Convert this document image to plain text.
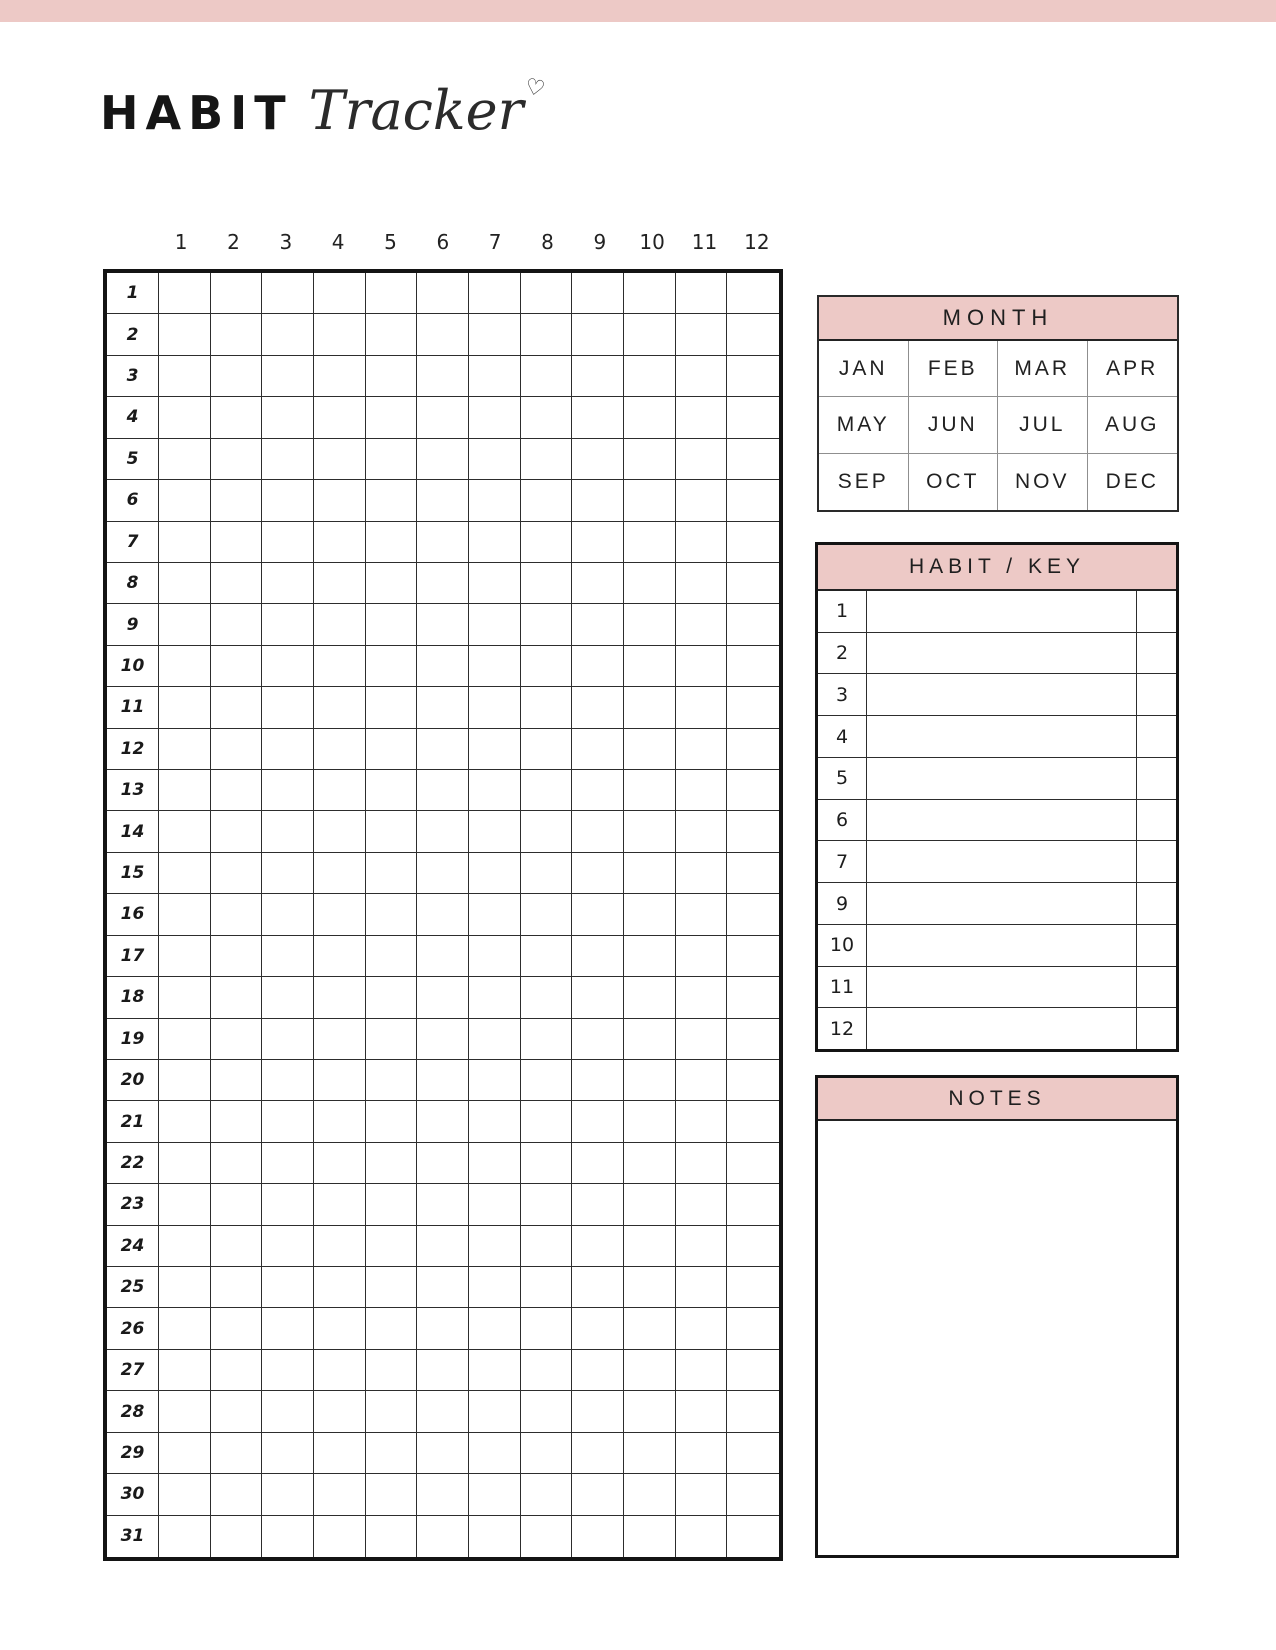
HABIT Tracker ♡
1	2	3	4	5	6	7	8	9	10	11	12
1
2
3
4
5
6
7
8
9
10
11
12
13
14
15
16
17
18
19
20
21
22
23
24
25
26
27
28
29
30
31
MONTH
JAN	FEB	MAR	APR
MAY	JUN	JUL	AUG
SEP	OCT	NOV	DEC
HABIT / KEY
1
2
3
4
5
6
7
9
10
11
12
NOTES
